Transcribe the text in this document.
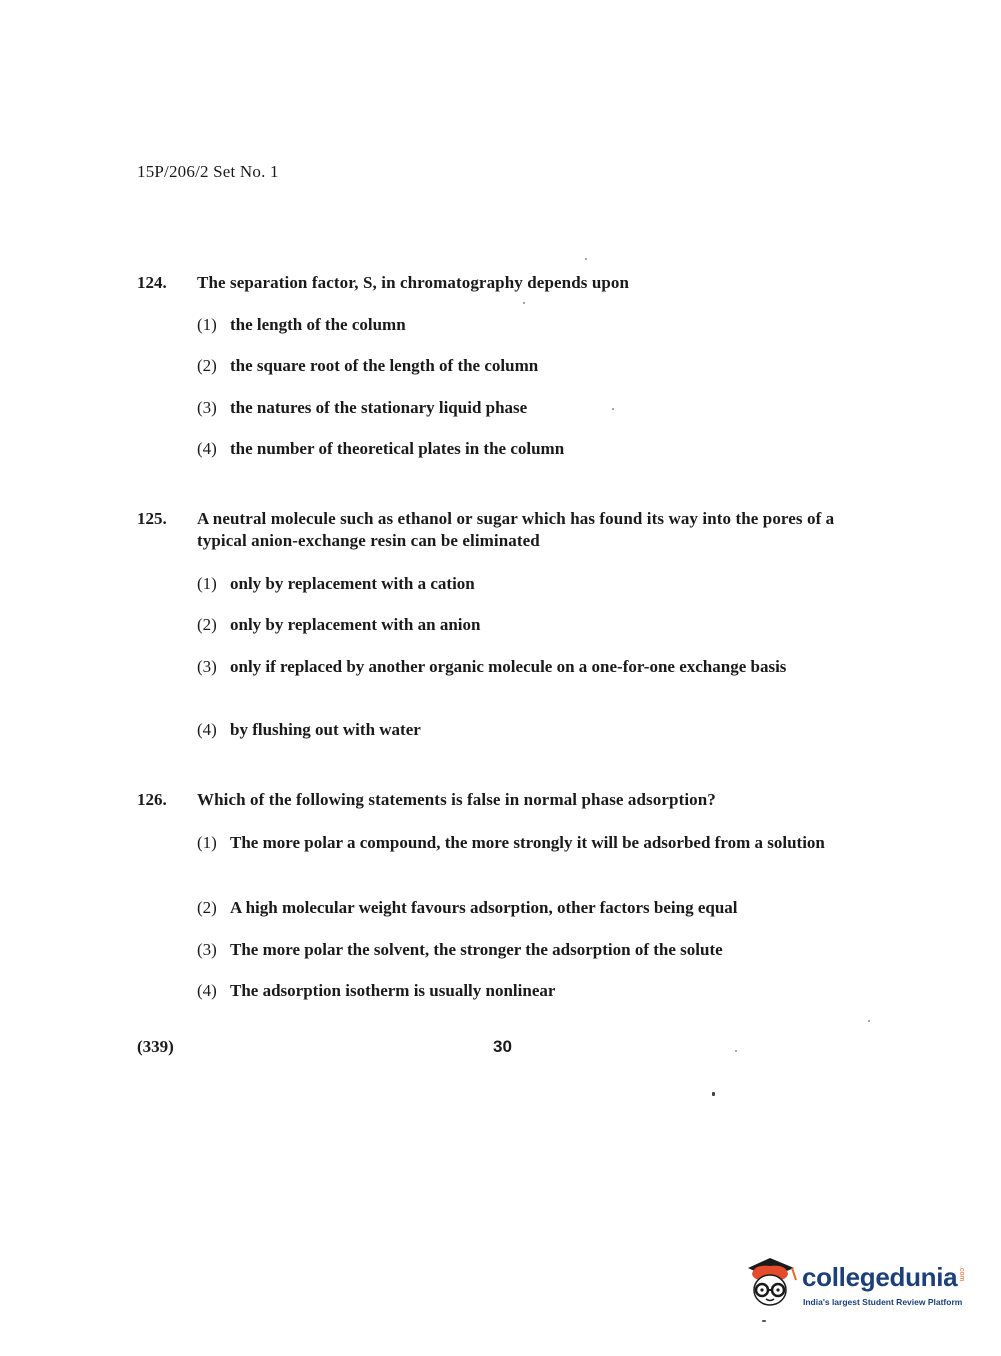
15P/206/2 Set No. 1
124.	The separation factor, S, in chromatography depends upon
(1) the length of the column
(2) the square root of the length of the column
(3) the natures of the stationary liquid phase
(4) the number of theoretical plates in the column
125.	A neutral molecule such as ethanol or sugar which has found its way into the pores of a typical anion-exchange resin can be eliminated
(1) only by replacement with a cation
(2) only by replacement with an anion
(3) only if replaced by another organic molecule on a one-for-one exchange basis
(4) by flushing out with water
126.	Which of the following statements is false in normal phase adsorption?
(1) The more polar a compound, the more strongly it will be adsorbed from a solution
(2) A high molecular weight favours adsorption, other factors being equal
(3) The more polar the solvent, the stronger the adsorption of the solute
(4) The adsorption isotherm is usually nonlinear
(339)	30
collegedunia .com
India's largest Student Review Platform
